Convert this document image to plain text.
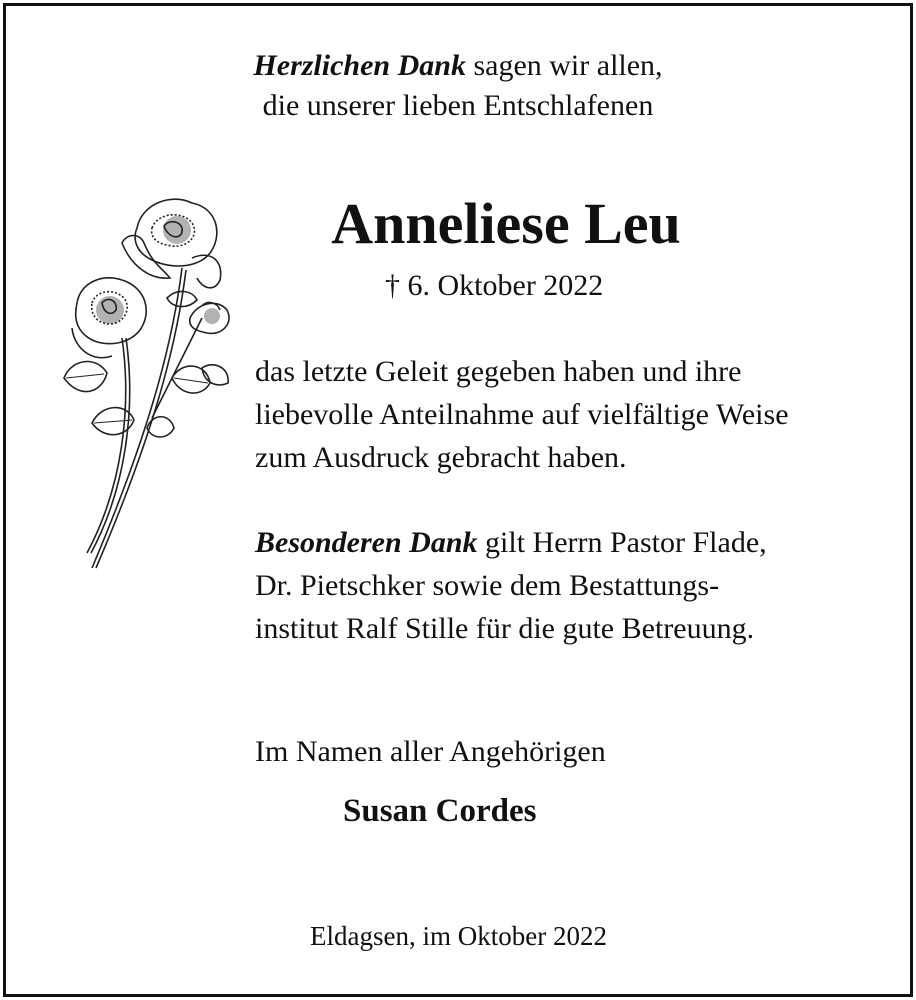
Herzlichen Dank sagen wir allen,
die unserer lieben Entschlafenen
Anneliese Leu
† 6. Oktober 2022
das letzte Geleit gegeben haben und ihre
liebevolle Anteilnahme auf vielfältige Weise
zum Ausdruck gebracht haben.
Besonderen Dank gilt Herrn Pastor Flade,
Dr. Pietschker sowie dem Bestattungs-
institut Ralf Stille für die gute Betreuung.
Im Namen aller Angehörigen
Susan Cordes
Eldagsen, im Oktober 2022
